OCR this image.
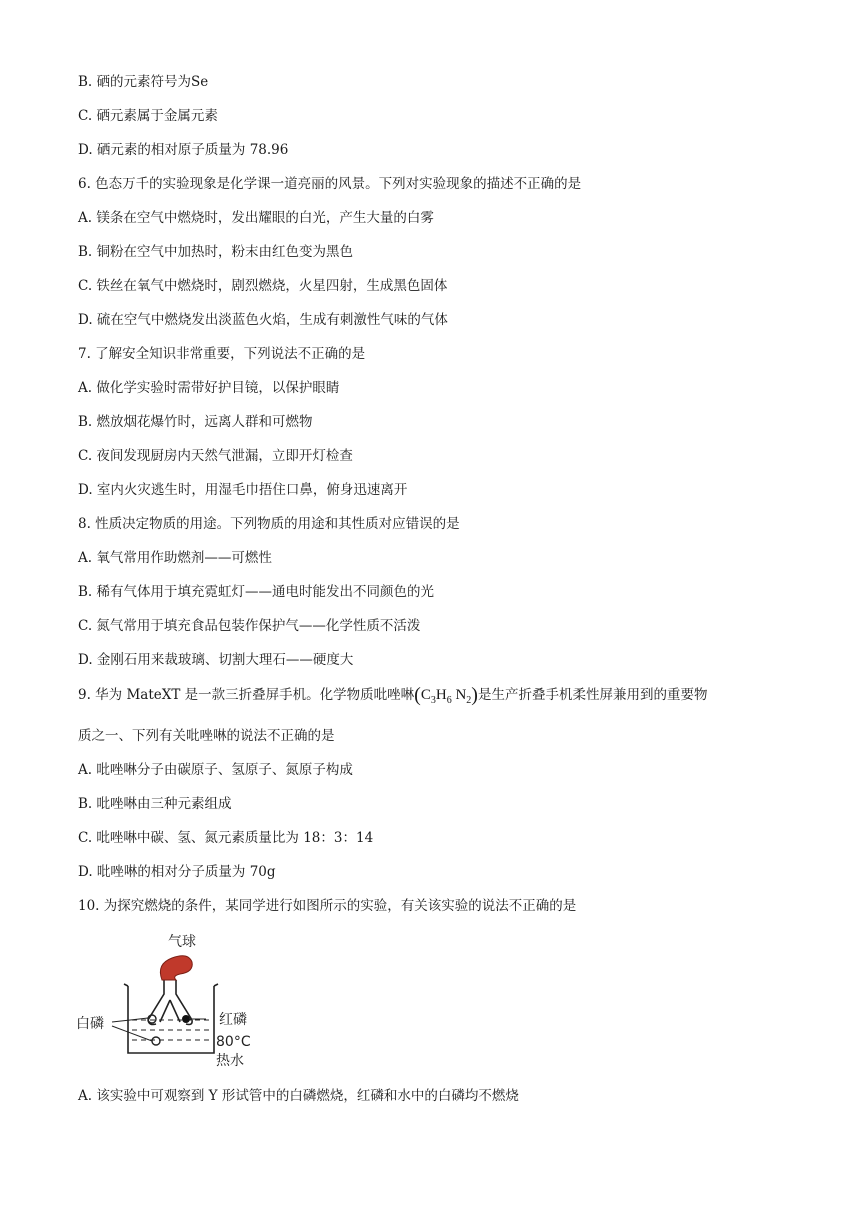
B. 硒的元素符号为Se
C. 硒元素属于金属元素
D. 硒元素的相对原子质量为 78.96
6. 色态万千的实验现象是化学课一道亮丽的风景。下列对实验现象的描述不正确的是
A. 镁条在空气中燃烧时，发出耀眼的白光，产生大量的白雾
B. 铜粉在空气中加热时，粉末由红色变为黑色
C. 铁丝在氧气中燃烧时，剧烈燃烧，火星四射，生成黑色固体
D. 硫在空气中燃烧发出淡蓝色火焰，生成有刺激性气味的气体
7. 了解安全知识非常重要，下列说法不正确的是
A. 做化学实验时需带好护目镜，以保护眼睛
B. 燃放烟花爆竹时，远离人群和可燃物
C. 夜间发现厨房内天然气泄漏，立即开灯检查
D. 室内火灾逃生时，用湿毛巾捂住口鼻，俯身迅速离开
8. 性质决定物质的用途。下列物质的用途和其性质对应错误的是
A. 氧气常用作助燃剂——可燃性
B. 稀有气体用于填充霓虹灯——通电时能发出不同颜色的光
C. 氮气常用于填充食品包装作保护气——化学性质不活泼
D. 金刚石用来裁玻璃、切割大理石——硬度大
9. 华为 MateXT 是一款三折叠屏手机。化学物质吡唑啉($C_3H_6$ $N_2$)是生产折叠手机柔性屏兼用到的重要物
质之一、下列有关吡唑啉的说法不正确的是
A. 吡唑啉分子由碳原子、氢原子、氮原子构成
B. 吡唑啉由三种元素组成
C. 吡唑啉中碳、氢、氮元素质量比为 18：3：14
D. 吡唑啉的相对分子质量为 70g
10. 为探究燃烧的条件，某同学进行如图所示的实验，有关该实验的说法不正确的是
气球
白磷	红磷
80°C
热水
A. 该实验中可观察到 Y 形试管中的白磷燃烧，红磷和水中的白磷均不燃烧
